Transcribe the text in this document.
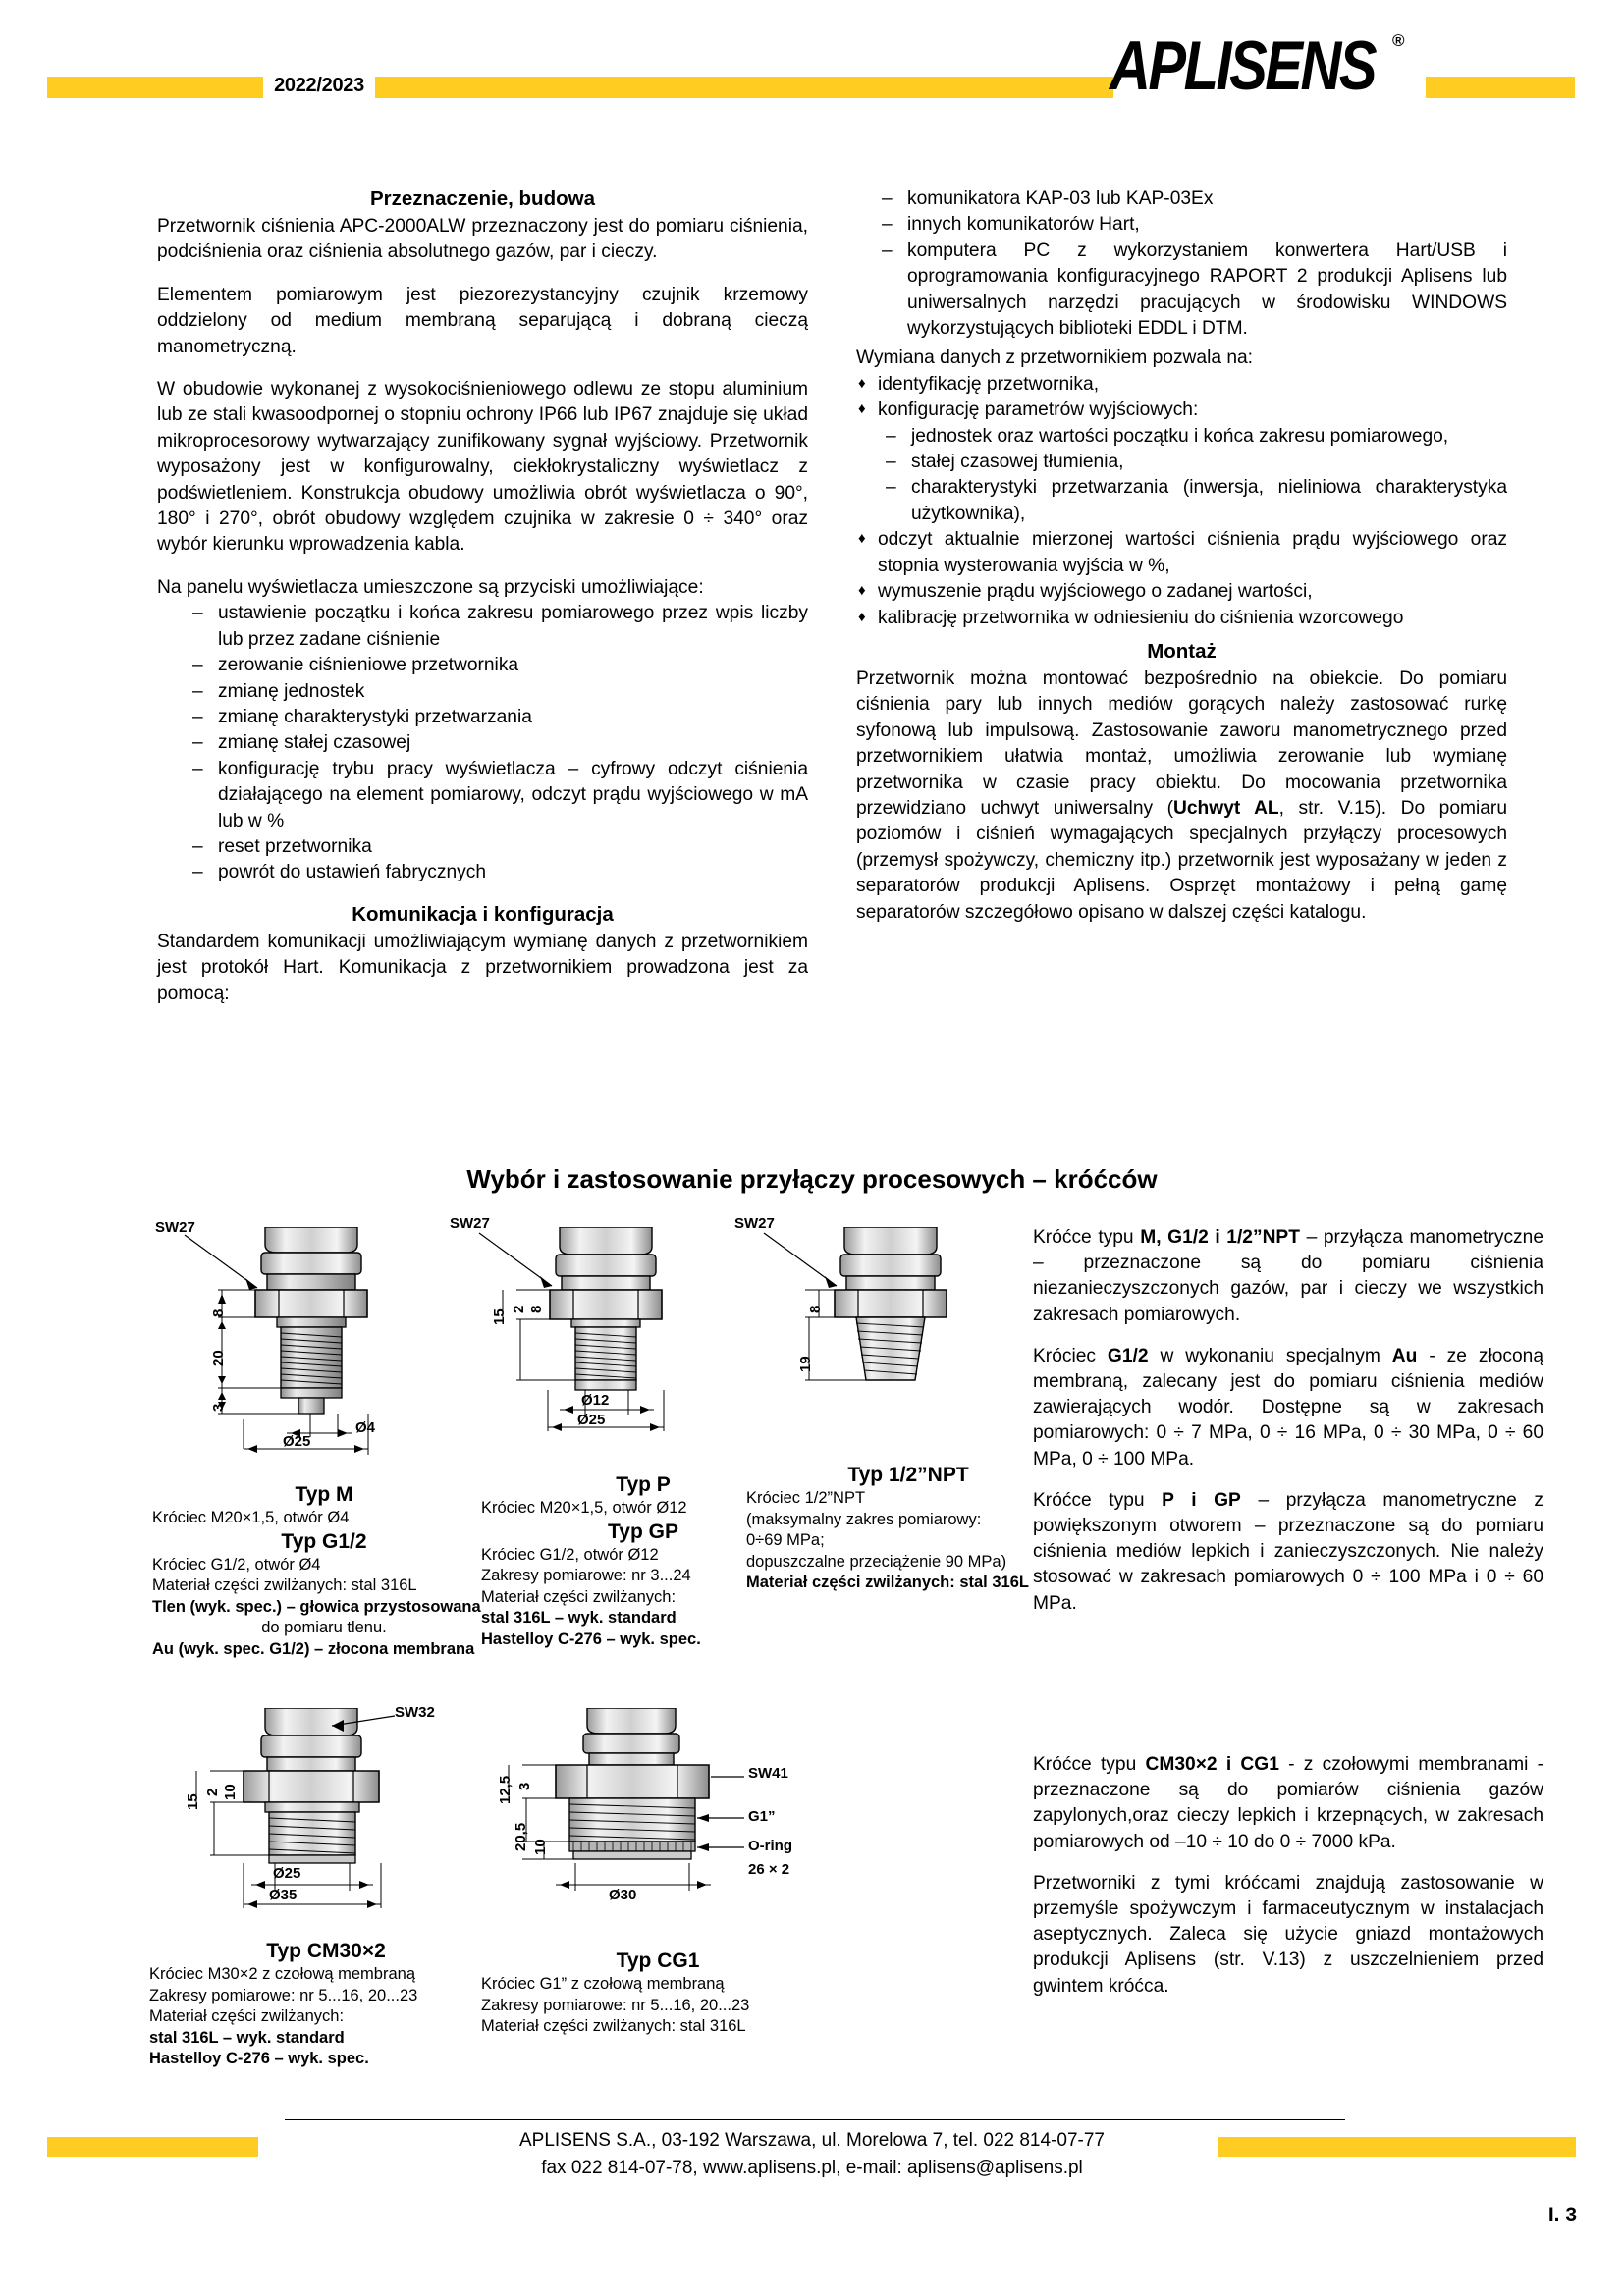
2022/2023	APLISENS ®
Przeznaczenie, budowa

Przetwornik ciśnienia APC-2000ALW przeznaczony jest do pomiaru ciśnienia, podciśnienia oraz ciśnienia absolutnego gazów, par i cieczy.

Elementem pomiarowym jest piezorezystancyjny czujnik krzemowy oddzielony od medium membraną separującą i dobraną cieczą manometryczną.

W obudowie wykonanej z wysokociśnieniowego odlewu ze stopu aluminium lub ze stali kwasoodpornej o stopniu ochrony IP66 lub IP67 znajduje się układ mikroprocesorowy wytwarzający zunifikowany sygnał wyjściowy. Przetwornik wyposażony jest w konfigurowalny, ciekłokrystaliczny wyświetlacz z podświetleniem. Konstrukcja obudowy umożliwia obrót wyświetlacza o 90°, 180° i 270°, obrót obudowy względem czujnika w zakresie 0 ÷ 340° oraz wybór kierunku wprowadzenia kabla.

Na panelu wyświetlacza umieszczone są przyciski umożliwiające:

– ustawienie początku i końca zakresu pomiarowego przez wpis liczby lub przez zadane ciśnienie
– zerowanie ciśnieniowe przetwornika
– zmianę jednostek
– zmianę charakterystyki przetwarzania
– zmianę stałej czasowej
– konfigurację trybu pracy wyświetlacza – cyfrowy odczyt ciśnienia działającego na element pomiarowy, odczyt prądu wyjściowego w mA lub w %
– reset przetwornika
– powrót do ustawień fabrycznych
Komunikacja i konfiguracja

Standardem komunikacji umożliwiającym wymianę danych z przetwornikiem jest protokół Hart. Komunikacja z przetwornikiem prowadzona jest za pomocą:

– komunikatora KAP-03 lub KAP-03Ex
– innych komunikatorów Hart,
– komputera PC z wykorzystaniem konwertera Hart/USB i oprogramowania konfiguracyjnego RAPORT 2 produkcji Aplisens lub uniwersalnych narzędzi pracujących w środowisku WINDOWS wykorzystujących biblioteki EDDL i DTM.

Wymiana danych z przetwornikiem pozwala na:

♦ identyfikację przetwornika,
♦ konfigurację parametrów wyjściowych:
– jednostek oraz wartości początku i końca zakresu pomiarowego,
– stałej czasowej tłumienia,
– charakterystyki przetwarzania (inwersja, nieliniowa charakterystyka użytkownika),
♦ odczyt aktualnie mierzonej wartości ciśnienia prądu wyjściowego oraz stopnia wysterowania wyjścia w %,
♦ wymuszenie prądu wyjściowego o zadanej wartości,
♦ kalibrację przetwornika w odniesieniu do ciśnienia wzorcowego
Montaż

Przetwornik można montować bezpośrednio na obiekcie. Do pomiaru ciśnienia pary lub innych mediów gorących należy zastosować rurkę syfonową lub impulsową. Zastosowanie zaworu manometrycznego przed przetwornikiem ułatwia montaż, umożliwia zerowanie lub wymianę przetwornika w czasie pracy obiektu. Do mocowania przetwornika przewidziano uchwyt uniwersalny (Uchwyt AL, str. V.15). Do pomiaru poziomów i ciśnień wymagających specjalnych przyłączy procesowych (przemysł spożywczy, chemiczny itp.) przetwornik jest wyposażany w jeden z separatorów produkcji Aplisens. Osprzęt montażowy i pełną gamę separatorów szczegółowo opisano w dalszej części katalogu.

Wybór i zastosowanie przyłączy procesowych – króćców
8
20
3
Ø4
Ø25
SW27
Typ M
Króciec M20×1,5, otwór Ø4
Typ G1/2
Króciec G1/2, otwór Ø4
Materiał części zwilżanych: stal 316L
Tlen (wyk. spec.) – głowica przystosowana

do pomiaru tlenu.
Au (wyk. spec. G1/2) – złocona membrana
15 2 8
Ø12
Ø25
SW27
Typ P
Króciec M20×1,5, otwór Ø12
Typ GP
Króciec G1/2, otwór Ø12
Zakresy pomiarowe: nr 3...24
Materiał części zwilżanych:
stal 316L – wyk. standard
Hastelloy C-276 – wyk. spec.
8
19
SW27
Typ 1/2”NPT
Króciec 1/2”NPT
(maksymalny zakres pomiarowy:
0÷69 MPa;
dopuszczalne przeciążenie 90 MPa)
Materiał części zwilżanych: stal 316L

Króćce typu M, G1/2 i 1/2”NPT – przyłącza manometryczne – przeznaczone są do pomiaru ciśnienia niezanieczyszczonych gazów, par i cieczy we wszystkich zakresach pomiarowych.

Króciec G1/2 w wykonaniu specjalnym Au - ze złoconą membraną, zalecany jest do pomiaru ciśnienia mediów zawierających wodór. Dostępne są w zakresach pomiarowych: 0 ÷ 7 MPa, 0 ÷ 16 MPa, 0 ÷ 30 MPa, 0 ÷ 60 MPa, 0 ÷ 100 MPa.

Króćce typu P i GP – przyłącza manometryczne z powiększonym otworem – przeznaczone są do pomiaru ciśnienia mediów lepkich i zanieczyszczonych. Nie należy stosować w zakresach pomiarowych 0 ÷ 100 MPa i 0 ÷ 60 MPa.

15
2 10
Ø25
Ø35
SW32
Typ CM30×2
Króciec M30×2 z czołową membraną
Zakresy pomiarowe: nr 5...16, 20...23
Materiał części zwilżanych:
stal 316L – wyk. standard
Hastelloy C-276 – wyk. spec.
12,5 3
20,5 10
Ø30
SW41
G1”
O-ring
26 × 2
Typ CG1
Króciec G1” z czołową membraną
Zakresy pomiarowe: nr 5...16, 20...23
Materiał części zwilżanych: stal 316L

Króćce typu CM30×2 i CG1 - z czołowymi membranami - przeznaczone są do pomiarów ciśnienia gazów zapylonych,oraz cieczy lepkich i krzepnących, w zakresach pomiarowych od –10 ÷ 10 do 0 ÷ 7000 kPa.

Przetworniki z tymi króćcami znajdują zastosowanie w przemyśle spożywczym i farmaceutycznym w instalacjach aseptycznych. Zaleca się użycie gniazd montażowych produkcji Aplisens (str. V.13) z uszczelnieniem przed gwintem króćca.

APLISENS S.A., 03-192 Warszawa, ul. Morelowa 7, tel. 022 814-07-77
fax 022 814-07-78, www.aplisens.pl, e-mail: aplisens@aplisens.pl
I. 3
